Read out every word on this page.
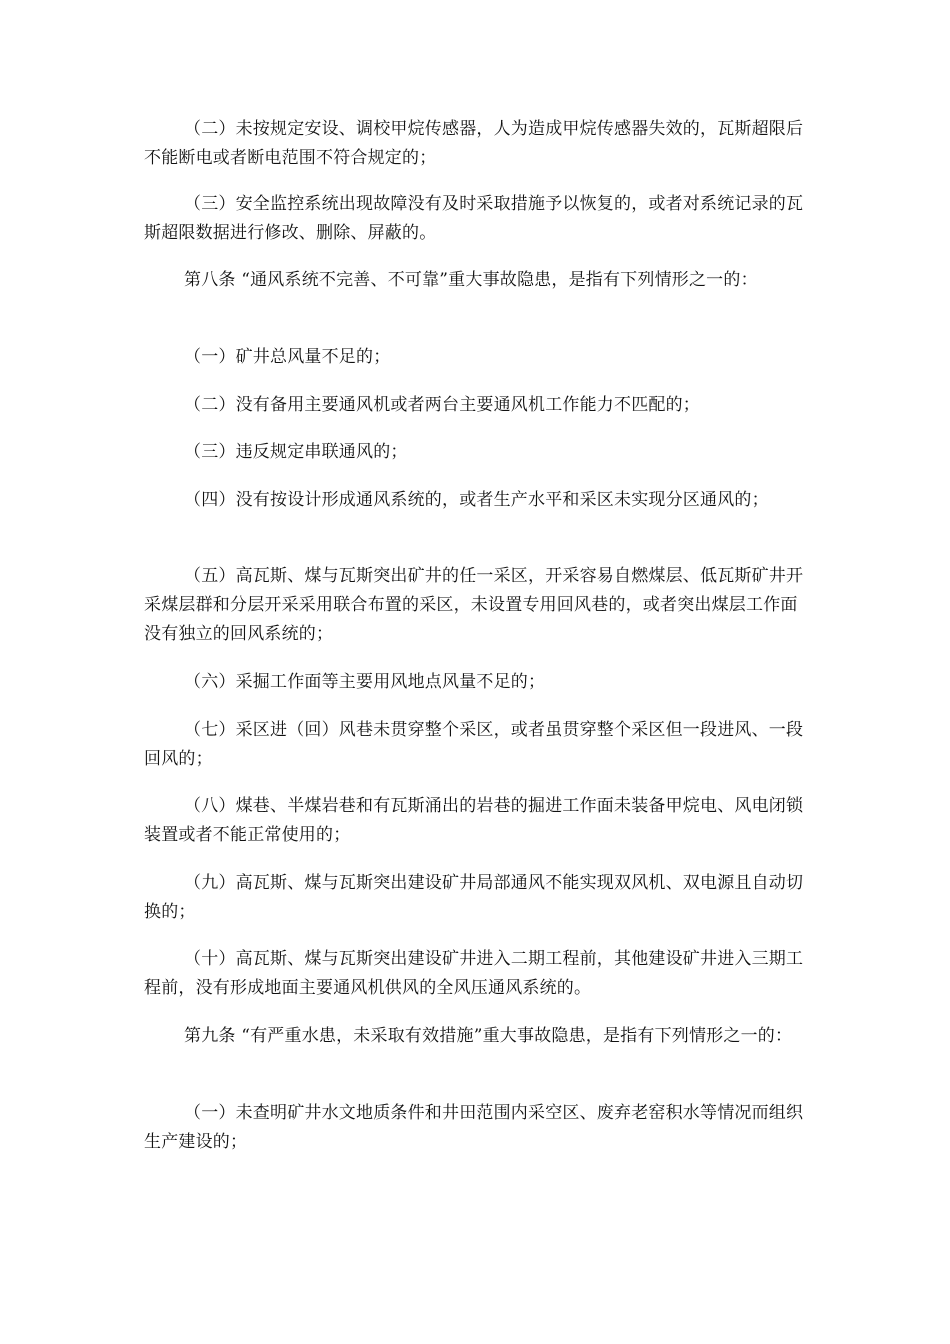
（二）未按规定安设、调校甲烷传感器，人为造成甲烷传感器失效的，瓦斯超限后不能断电或者断电范围不符合规定的；

（三）安全监控系统出现故障没有及时采取措施予以恢复的，或者对系统记录的瓦斯超限数据进行修改、删除、屏蔽的。

第八条 “通风系统不完善、不可靠”重大事故隐患，是指有下列情形之一的：

（一）矿井总风量不足的；

（二）没有备用主要通风机或者两台主要通风机工作能力不匹配的；

（三）违反规定串联通风的；

（四）没有按设计形成通风系统的，或者生产水平和采区未实现分区通风的；

（五）高瓦斯、煤与瓦斯突出矿井的任一采区，开采容易自燃煤层、低瓦斯矿井开采煤层群和分层开采采用联合布置的采区，未设置专用回风巷的，或者突出煤层工作面没有独立的回风系统的；

（六）采掘工作面等主要用风地点风量不足的；

（七）采区进（回）风巷未贯穿整个采区，或者虽贯穿整个采区但一段进风、一段回风的；

（八）煤巷、半煤岩巷和有瓦斯涌出的岩巷的掘进工作面未装备甲烷电、风电闭锁装置或者不能正常使用的；

（九）高瓦斯、煤与瓦斯突出建设矿井局部通风不能实现双风机、双电源且自动切换的；

（十）高瓦斯、煤与瓦斯突出建设矿井进入二期工程前，其他建设矿井进入三期工程前，没有形成地面主要通风机供风的全风压通风系统的。

第九条 “有严重水患，未采取有效措施”重大事故隐患，是指有下列情形之一的：

（一）未查明矿井水文地质条件和井田范围内采空区、废弃老窑积水等情况而组织生产建设的；
